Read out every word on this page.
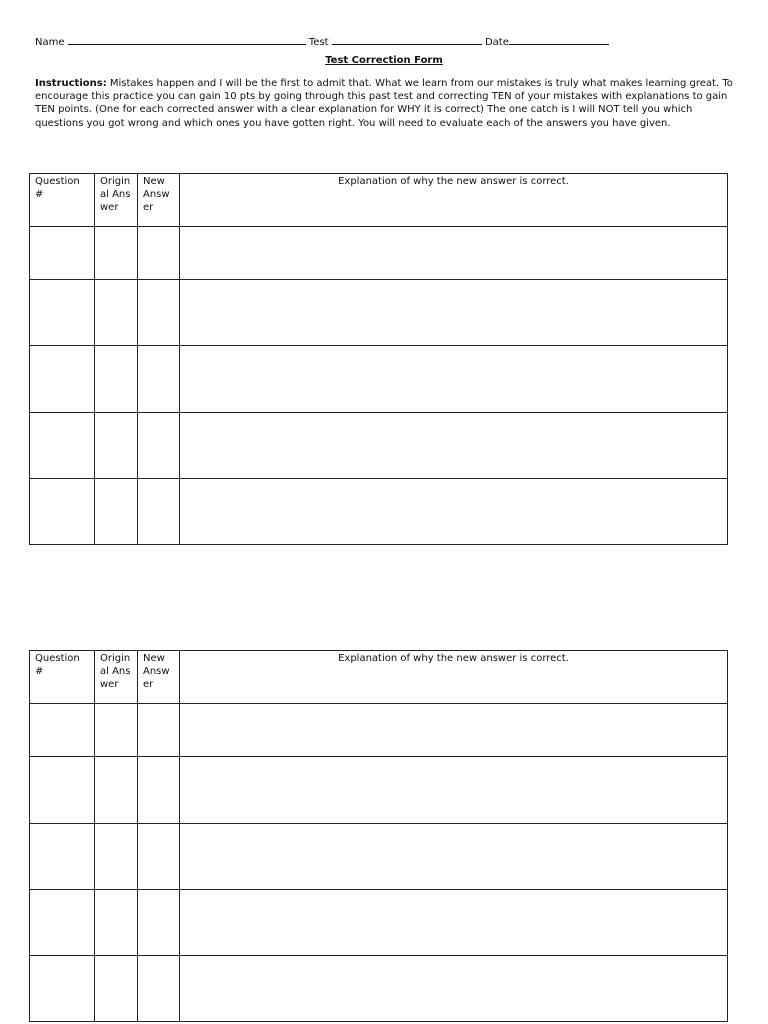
Name	Test	Date
Test Correction Form
Instructions: Mistakes happen and I will be the first to admit that. What we learn from our mistakes is truly what makes learning great. To encourage this practice you can gain 10 pts by going through this past test and correcting TEN of your mistakes with explanations to gain TEN points. (One for each corrected answer with a clear explanation for WHY it is correct) The one catch is I will NOT tell you which questions you got wrong and which ones you have gotten right. You will need to evaluate each of the answers you have given.
Question #	Original Answer	New Answer	Explanation of why the new answer is correct.

Question #	Original Answer	New Answer	Explanation of why the new answer is correct.
